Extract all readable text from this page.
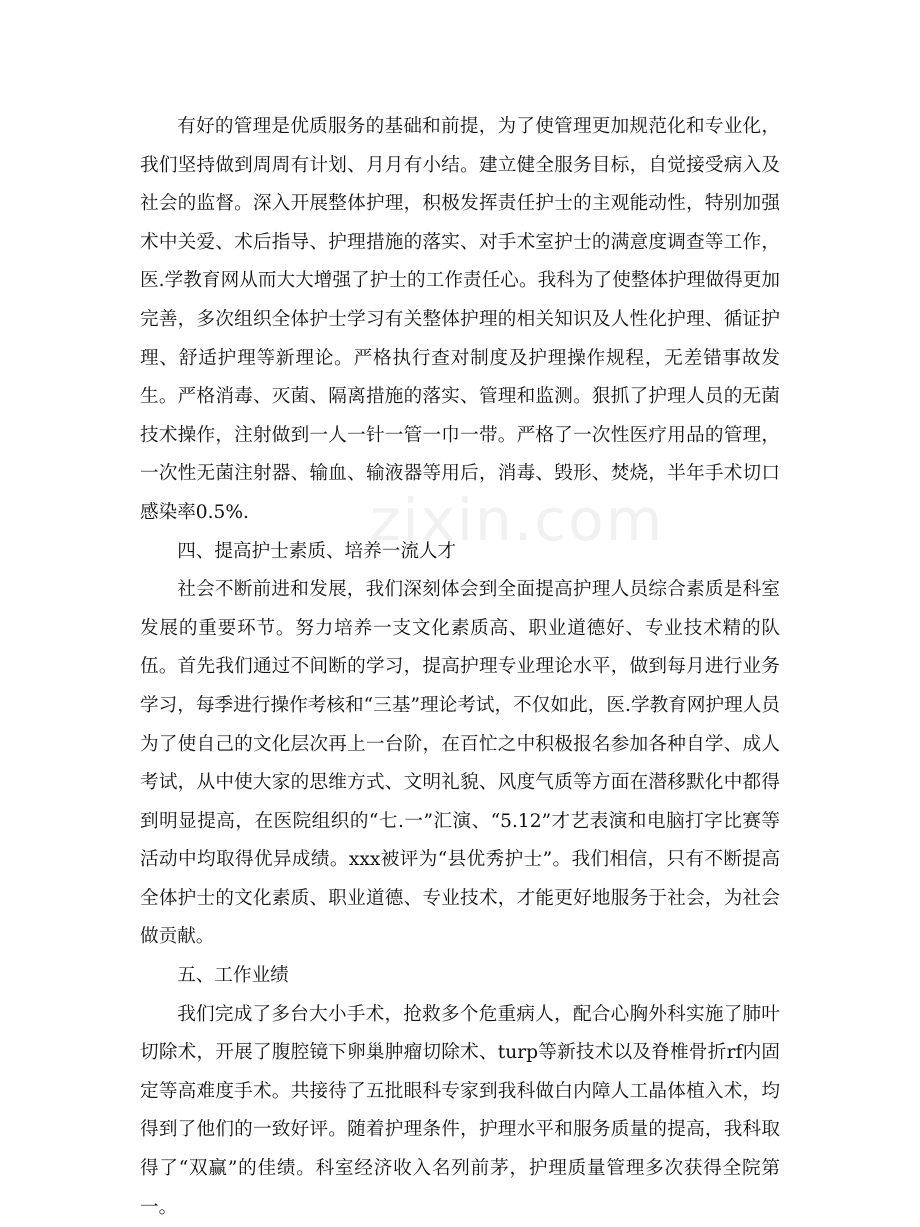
zixin.com

有好的管理是优质服务的基础和前提，为了使管理更加规范化和专业化，我们坚持做到周周有计划、月月有小结。建立健全服务目标，自觉接受病入及社会的监督。深入开展整体护理，积极发挥责任护士的主观能动性，特别加强术中关爱、术后指导、护理措施的落实、对手术室护士的满意度调查等工作，医.学教育网从而大大增强了护士的工作责任心。我科为了使整体护理做得更加完善，多次组织全体护士学习有关整体护理的相关知识及人性化护理、循证护理、舒适护理等新理论。严格执行查对制度及护理操作规程，无差错事故发生。严格消毒、灭菌、隔离措施的落实、管理和监测。狠抓了护理人员的无菌技术操作，注射做到一人一针一管一巾一带。严格了一次性医疗用品的管理，一次性无菌注射器、输血、输液器等用后，消毒、毁形、焚烧，半年手术切口感染率0.5%.

四、提高护士素质、培养一流人才

社会不断前进和发展，我们深刻体会到全面提高护理人员综合素质是科室发展的重要环节。努力培养一支文化素质高、职业道德好、专业技术精的队伍。首先我们通过不间断的学习，提高护理专业理论水平，做到每月进行业务学习，每季进行操作考核和“三基”理论考试，不仅如此，医.学教育网护理人员为了使自己的文化层次再上一台阶，在百忙之中积极报名参加各种自学、成人考试，从中使大家的思维方式、文明礼貌、风度气质等方面在潜移默化中都得到明显提高，在医院组织的“七.一”汇演、“5.12”才艺表演和电脑打字比赛等活动中均取得优异成绩。xxx被评为“县优秀护士”。我们相信，只有不断提高全体护士的文化素质、职业道德、专业技术，才能更好地服务于社会，为社会做贡献。

五、工作业绩

我们完成了多台大小手术，抢救多个危重病人，配合心胸外科实施了肺叶切除术，开展了腹腔镜下卵巢肿瘤切除术、turp等新技术以及脊椎骨折rf内固定等高难度手术。共接待了五批眼科专家到我科做白内障人工晶体植入术，均得到了他们的一致好评。随着护理条件，护理水平和服务质量的提高，我科取得了“双赢”的佳绩。科室经济收入名列前茅，护理质量管理多次获得全院第一。
